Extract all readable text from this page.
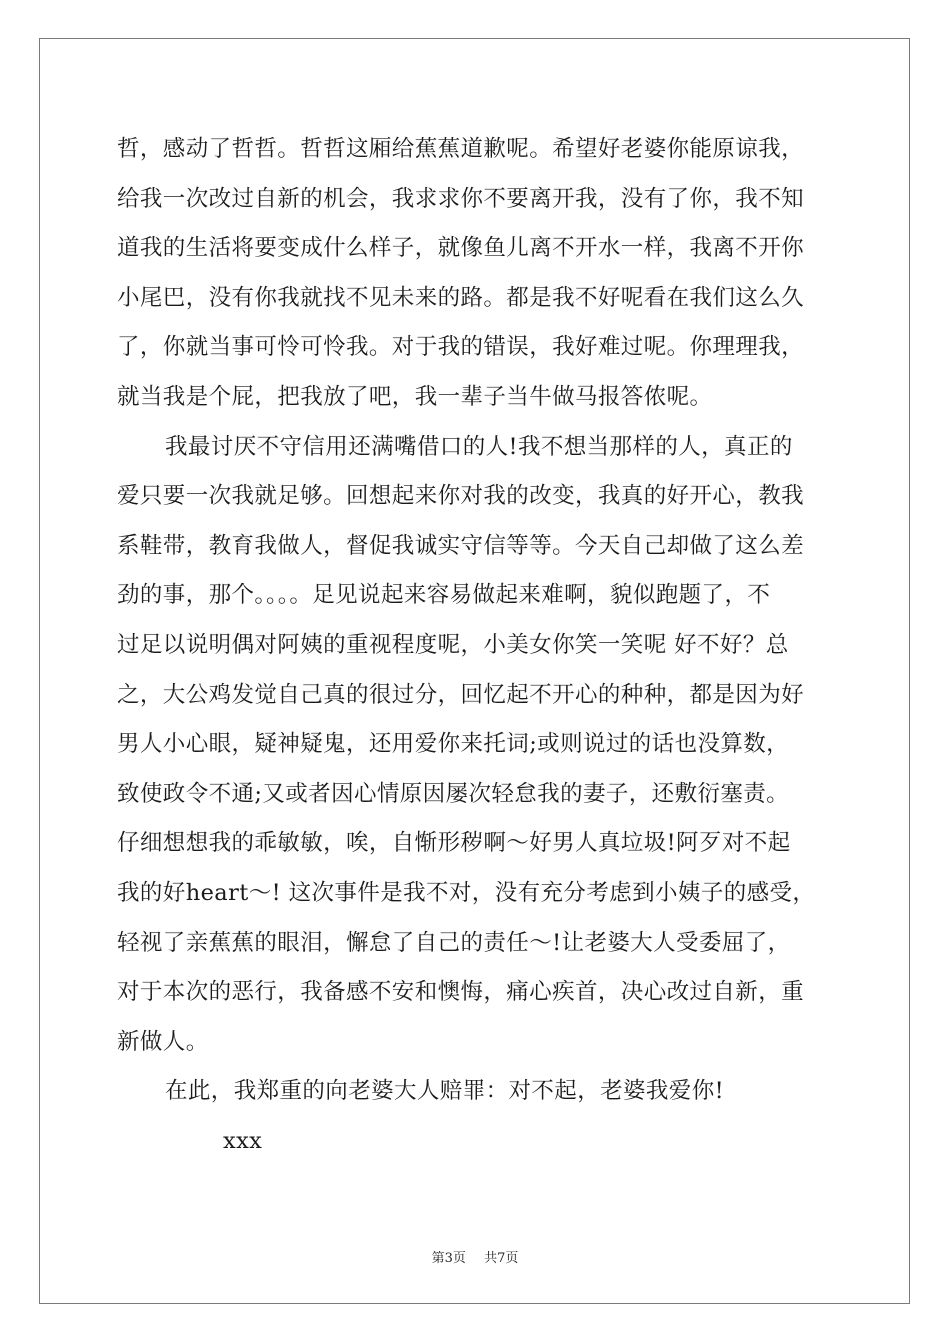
哲，感动了哲哲。哲哲这厢给蕉蕉道歉呢。希望好老婆你能原谅我，
给我一次改过自新的机会，我求求你不要离开我，没有了你，我不知
道我的生活将要变成什么样子，就像鱼儿离不开水一样，我离不开你
小尾巴，没有你我就找不见未来的路。都是我不好呢看在我们这么久
了，你就当事可怜可怜我。对于我的错误，我好难过呢。你理理我，
就当我是个屁，把我放了吧，我一辈子当牛做马报答侬呢。
我最讨厌不守信用还满嘴借口的人!我不想当那样的人，真正的
爱只要一次我就足够。回想起来你对我的改变，我真的好开心，教我
系鞋带，教育我做人，督促我诚实守信等等。今天自己却做了这么差
劲的事，那个。。。。足见说起来容易做起来难啊，貌似跑题了，不
过足以说明偶对阿姨的重视程度呢，小美女你笑一笑呢 好不好？总
之，大公鸡发觉自己真的很过分，回忆起不开心的种种，都是因为好
男人小心眼，疑神疑鬼，还用爱你来托词;或则说过的话也没算数，
致使政令不通;又或者因心情原因屡次轻怠我的妻子，还敷衍塞责。
仔细想想我的乖敏敏，唉，自惭形秽啊～好男人真垃圾!阿歹对不起
我的好heart～! 这次事件是我不对，没有充分考虑到小姨子的感受，
轻视了亲蕉蕉的眼泪，懈怠了自己的责任～!让老婆大人受委屈了，
对于本次的恶行，我备感不安和懊悔，痛心疾首，决心改过自新，重
新做人。
在此，我郑重的向老婆大人赔罪：对不起，老婆我爱你!
xxx
第3页 共7页
